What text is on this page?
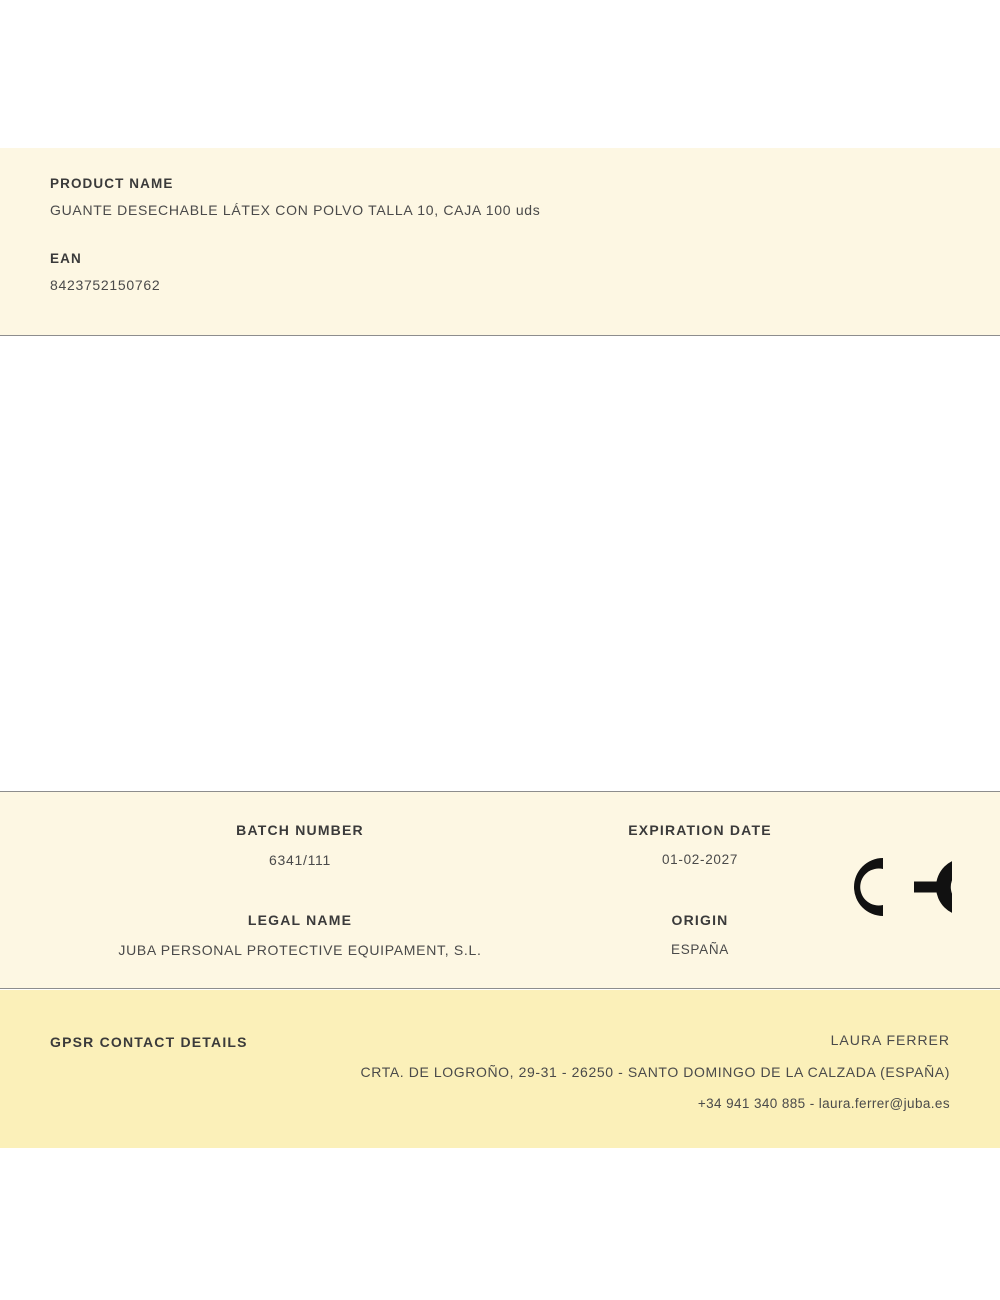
PRODUCT NAME

GUANTE DESECHABLE LÁTEX CON POLVO TALLA 10, CAJA 100 uds

EAN

8423752150762

BATCH NUMBER

6341/111

EXPIRATION DATE

01-02-2027

LEGAL NAME

JUBA PERSONAL PROTECTIVE EQUIPAMENT, S.L.

ORIGIN

ESPAÑA

GPSR CONTACT DETAILS	LAURA FERRER

CRTA. DE LOGROÑO, 29-31 - 26250 - SANTO DOMINGO DE LA CALZADA (ESPAÑA)

+34 941 340 885 - laura.ferrer@juba.es
